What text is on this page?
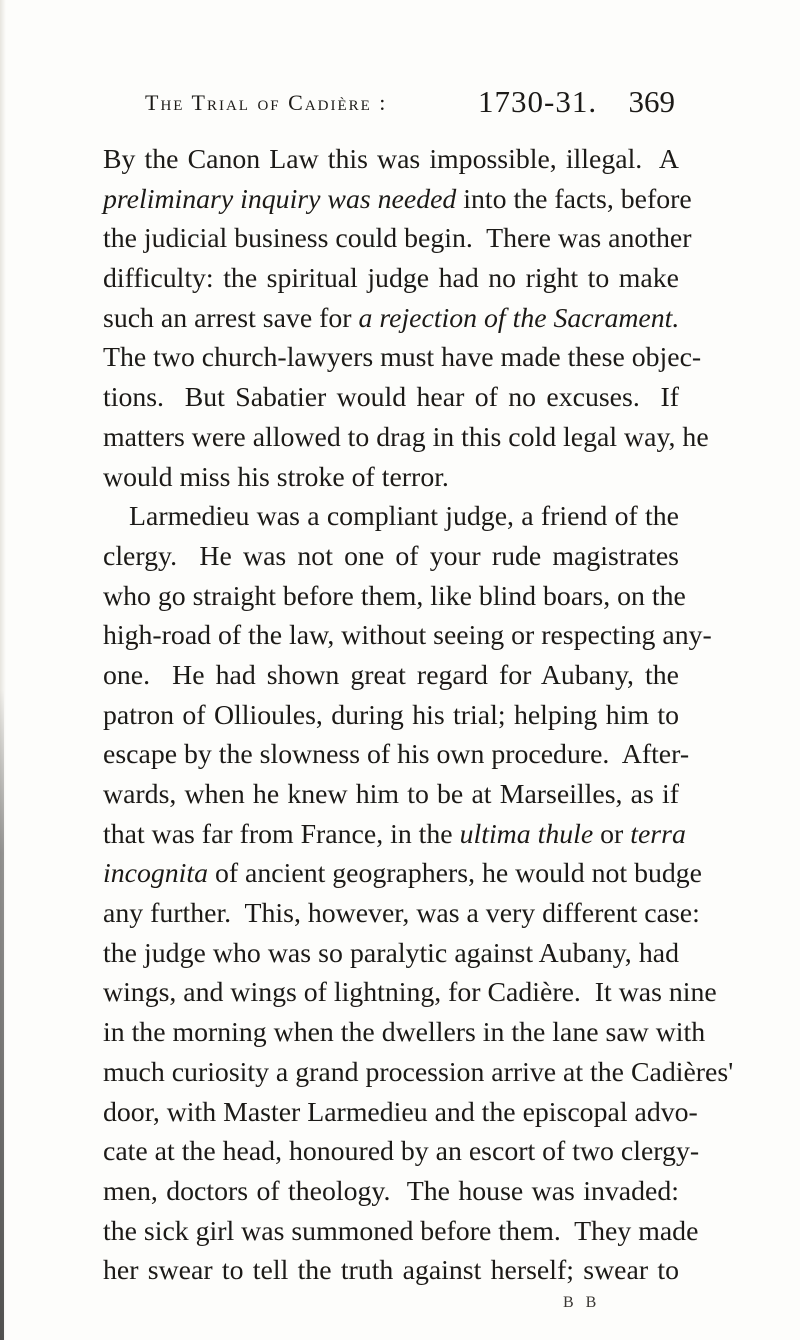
The Trial of Cadière :	1730-31. 369
By the Canon Law this was impossible, illegal.  A
preliminary inquiry was needed into the facts, before
the judicial business could begin.  There was another
difficulty: the spiritual judge had no right to make
such an arrest save for a rejection of the Sacrament.
The two church-lawyers must have made these objec-
tions.  But Sabatier would hear of no excuses.  If
matters were allowed to drag in this cold legal way, he
would miss his stroke of terror.
Larmedieu was a compliant judge, a friend of the
clergy.  He was not one of your rude magistrates
who go straight before them, like blind boars, on the
high-road of the law, without seeing or respecting any-
one.  He had shown great regard for Aubany, the
patron of Ollioules, during his trial; helping him to
escape by the slowness of his own procedure.  After-
wards, when he knew him to be at Marseilles, as if
that was far from France, in the ultima thule or terra
incognita of ancient geographers, he would not budge
any further.  This, however, was a very different case:
the judge who was so paralytic against Aubany, had
wings, and wings of lightning, for Cadière.  It was nine
in the morning when the dwellers in the lane saw with
much curiosity a grand procession arrive at the Cadières'
door, with Master Larmedieu and the episcopal advo-
cate at the head, honoured by an escort of two clergy-
men, doctors of theology.  The house was invaded:
the sick girl was summoned before them.  They made
her swear to tell the truth against herself; swear to
B B
